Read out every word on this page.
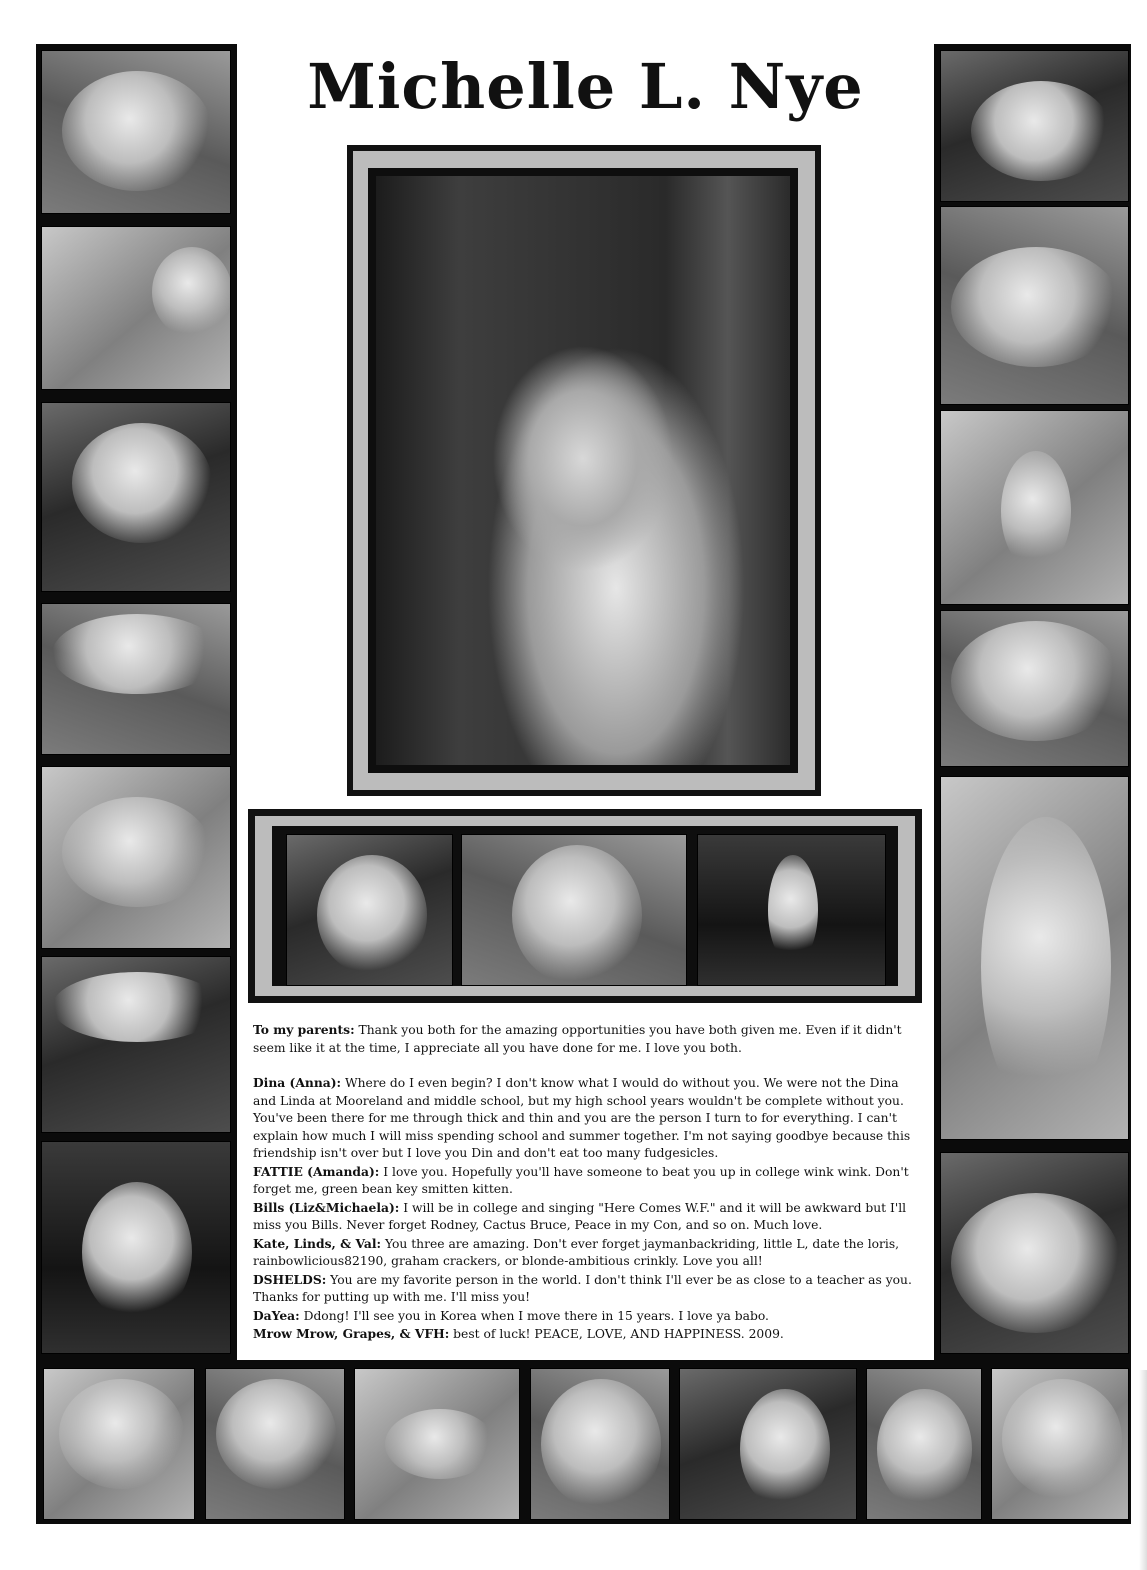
Michelle L. Nye

To my parents: Thank you both for the amazing opportunities you have both given me. Even if it didn't seem like it at the time, I appreciate all you have done for me. I love you both.

Dina (Anna): Where do I even begin? I don't know what I would do without you. We were not the Dina and Linda at Mooreland and middle school, but my high school years wouldn't be complete without you. You've been there for me through thick and thin and you are the person I turn to for everything. I can't explain how much I will miss spending school and summer together. I'm not saying goodbye because this friendship isn't over but I love you Din and don't eat too many fudgesicles.

FATTIE (Amanda): I love you. Hopefully you'll have someone to beat you up in college wink wink. Don't forget me, green bean key smitten kitten.

Bills (Liz&Michaela): I will be in college and singing "Here Comes W.F." and it will be awkward but I'll miss you Bills. Never forget Rodney, Cactus Bruce, Peace in my Con, and so on. Much love.

Kate, Linds, & Val: You three are amazing. Don't ever forget jaymanbackriding, little L, date the loris, rainbowlicious82190, graham crackers, or blonde-ambitious crinkly. Love you all!

DSHELDS: You are my favorite person in the world. I don't think I'll ever be as close to a teacher as you. Thanks for putting up with me. I'll miss you!

DaYea: Ddong! I'll see you in Korea when I move there in 15 years. I love ya babo.

Mrow Mrow, Grapes, & VFH: best of luck! PEACE, LOVE, AND HAPPINESS. 2009.
